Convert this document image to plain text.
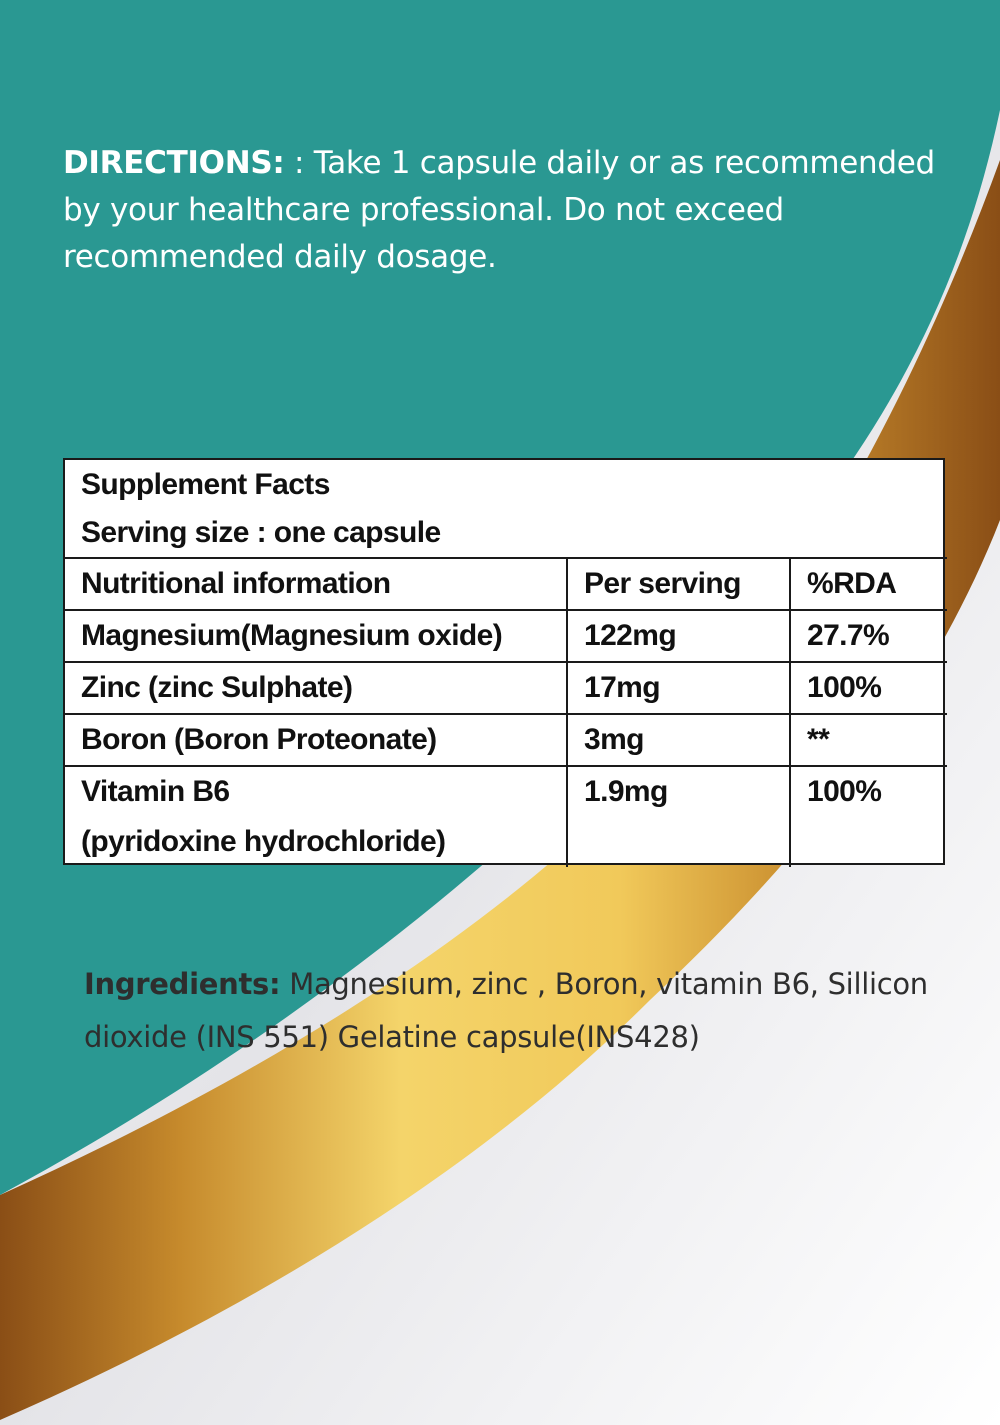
DIRECTIONS: : Take 1 capsule daily or as recommended by your healthcare professional. Do not exceed recommended daily dosage.
Supplement Facts
Serving size : one capsule		

Nutritional information	Per serving	%RDA
Magnesium(Magnesium oxide)	122mg	27.7%
Zinc (zinc Sulphate)	17mg	100%
Boron (Boron Proteonate)	3mg	**

Vitamin B6
(pyridoxine hydrochloride)	1.9mg	100%
Ingredients: Magnesium, zinc , Boron, vitamin B6, Sillicon dioxide (INS 551) Gelatine capsule(INS428)
